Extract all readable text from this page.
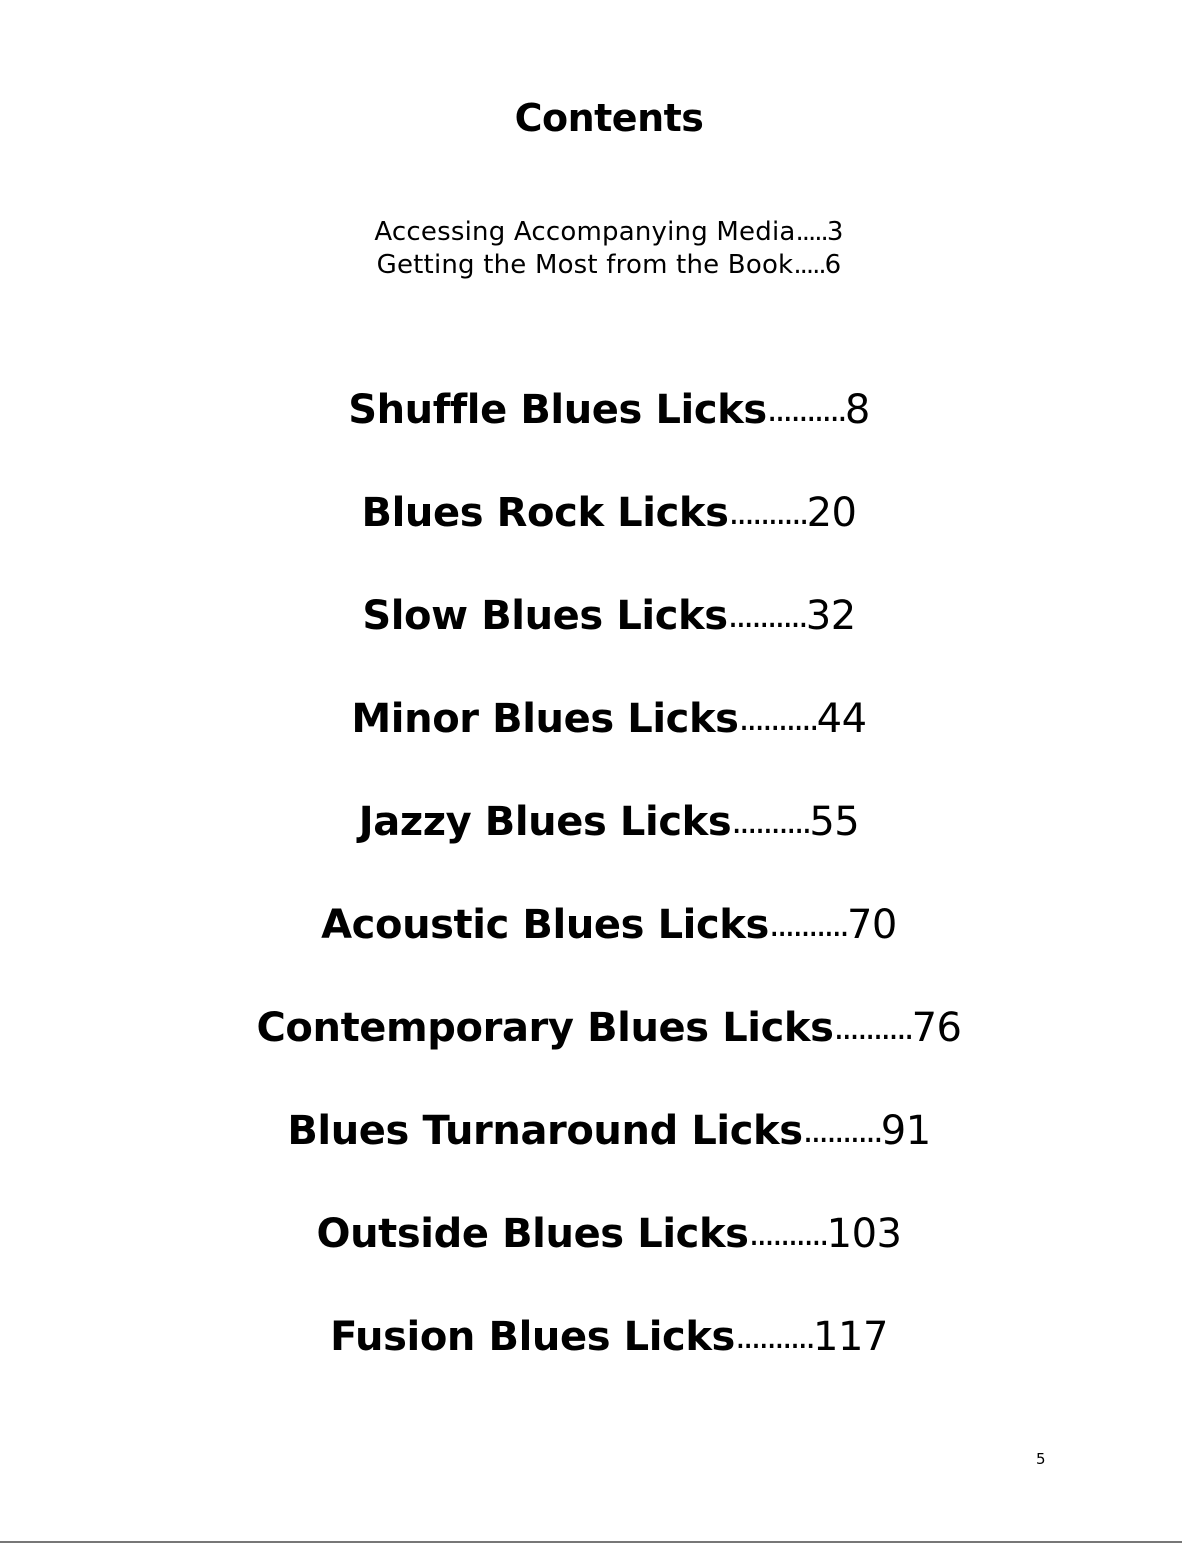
Contents
Accessing Accompanying Media.....3
Getting the Most from the Book.....6
Shuffle Blues Licks .......... 8
Blues Rock Licks .......... 20
Slow Blues Licks .......... 32
Minor Blues Licks .......... 44
Jazzy Blues Licks .......... 55
Acoustic Blues Licks .......... 70
Contemporary Blues Licks .......... 76
Blues Turnaround Licks .......... 91
Outside Blues Licks .......... 103
Fusion Blues Licks .......... 117
5
